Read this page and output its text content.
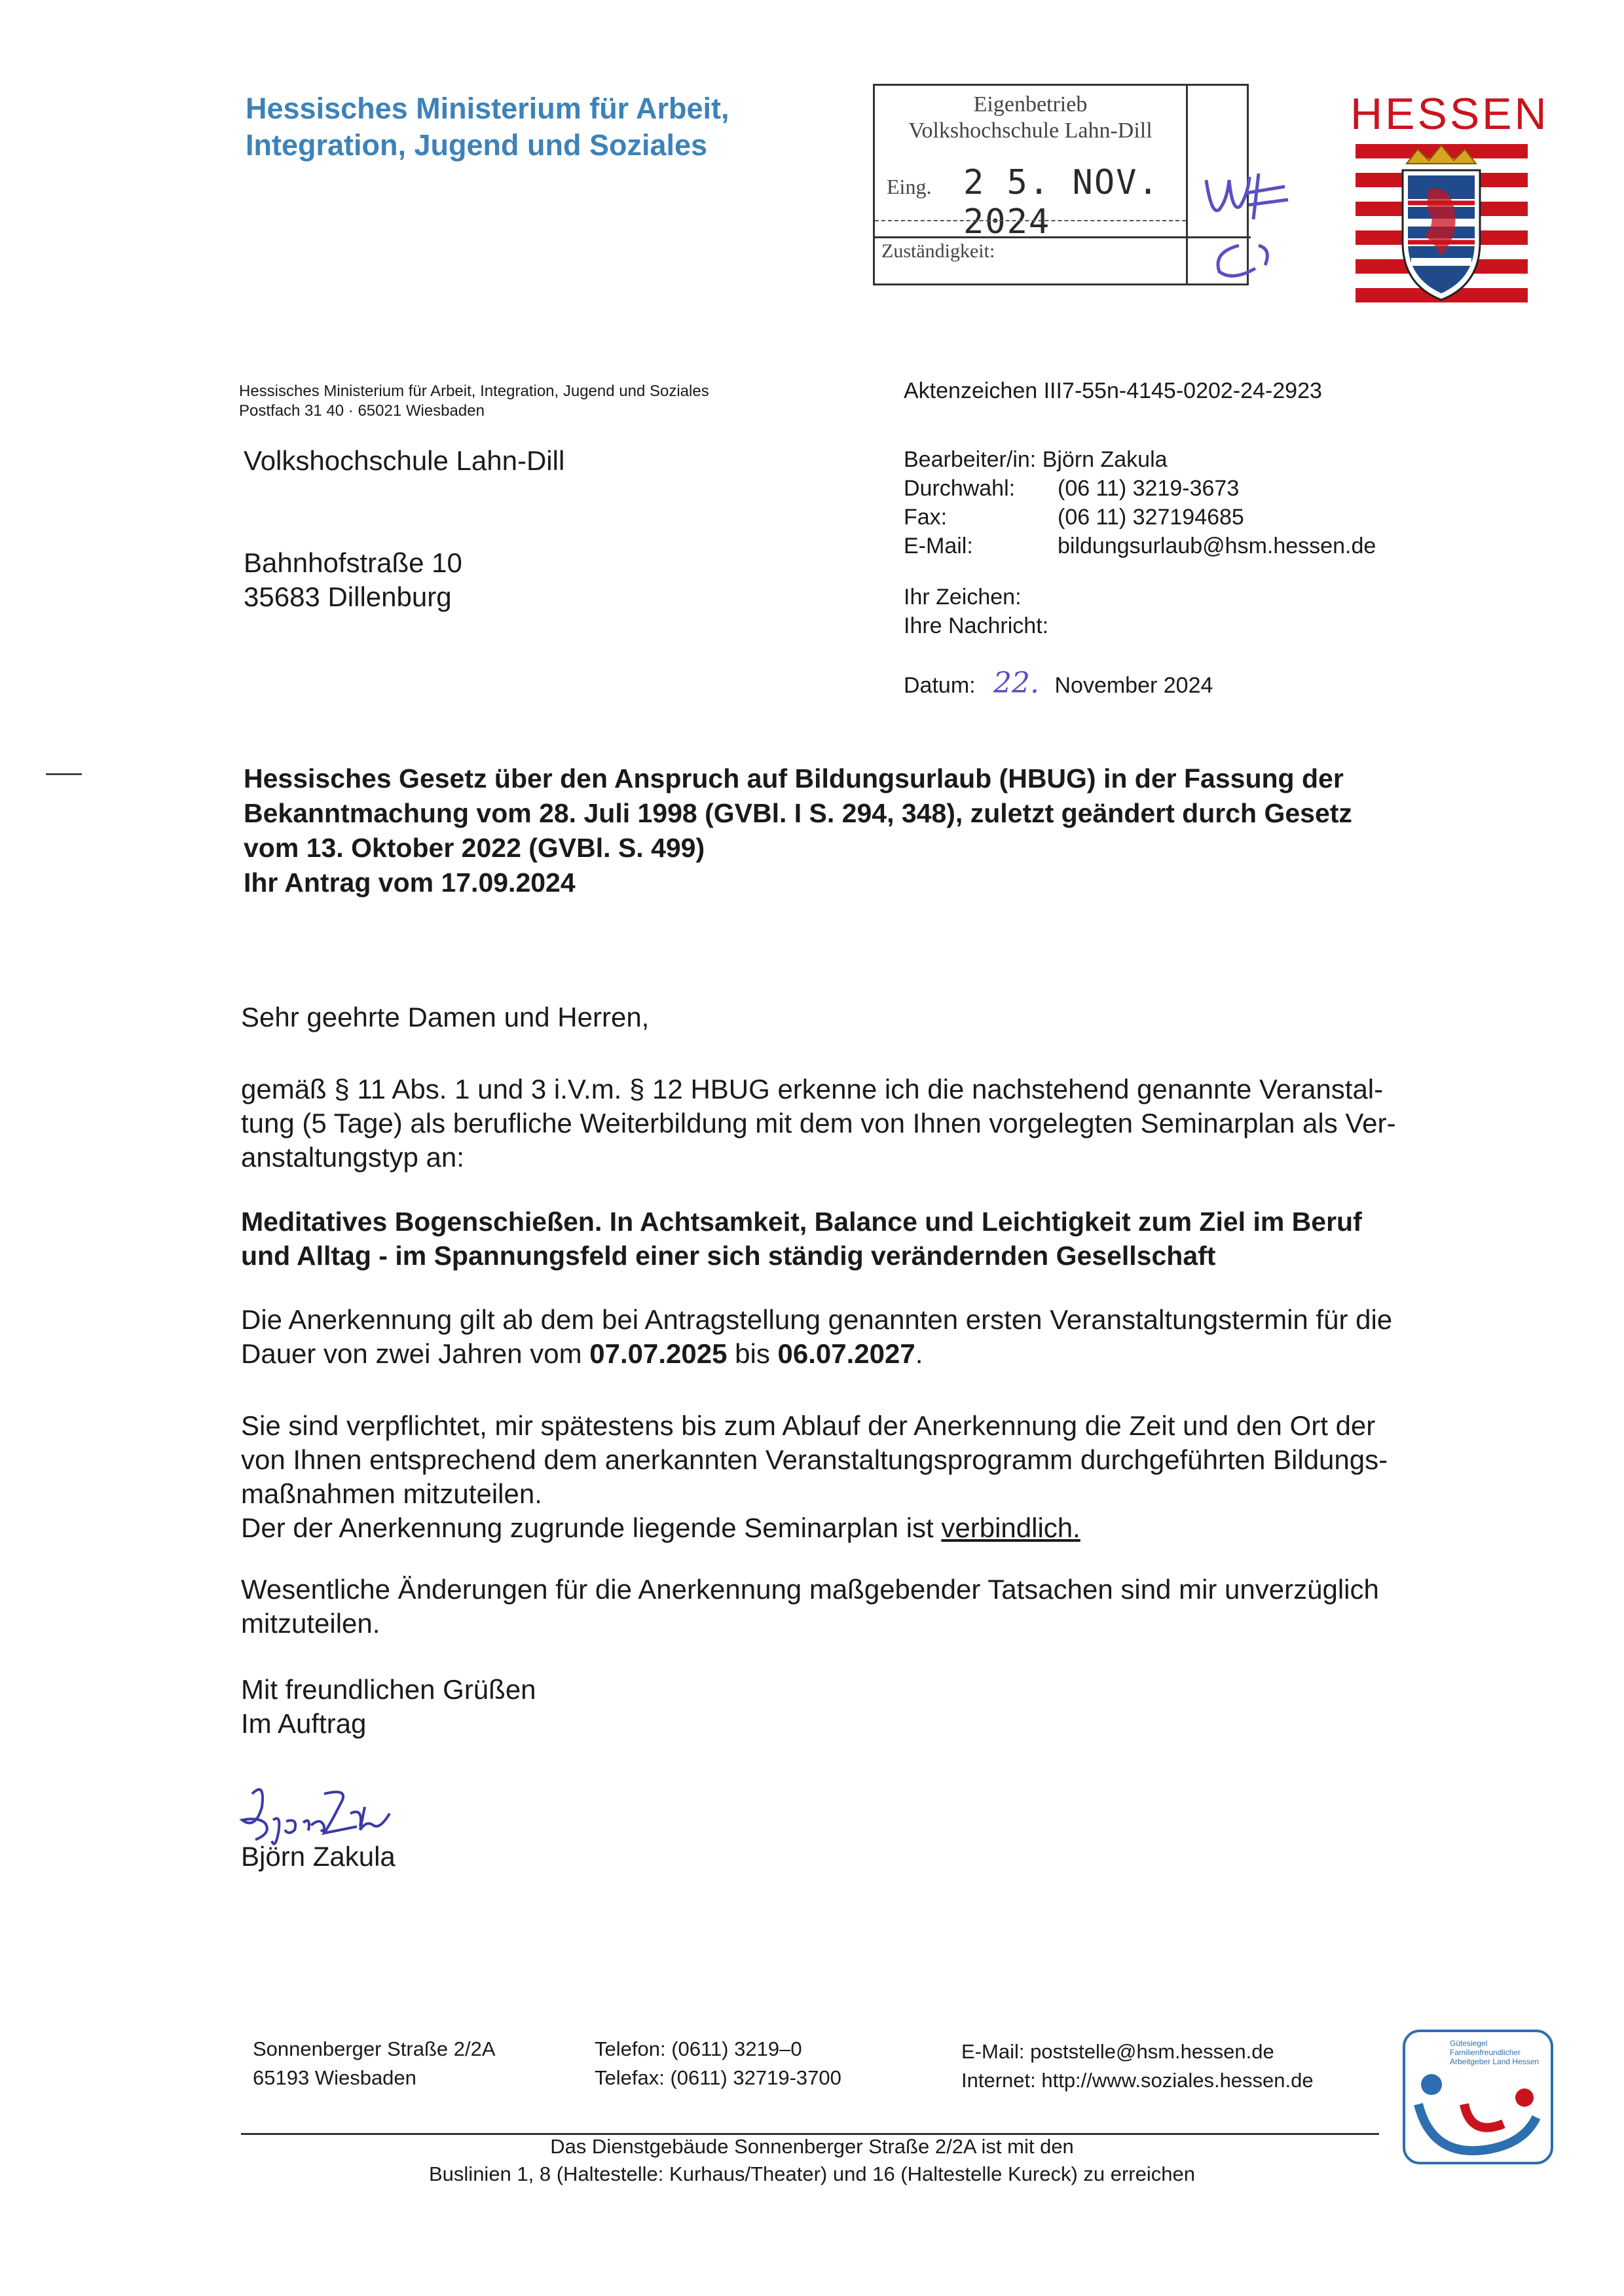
Hessisches Ministerium für Arbeit,
Integration, Jugend und Soziales
Eigenbetrieb
Volkshochschule Lahn-Dill
Eing. 2 5. NOV. 2024
Zuständigkeit:
HESSEN
Hessisches Ministerium für Arbeit, Integration, Jugend und Soziales
Postfach 31 40 · 65021 Wiesbaden
Volkshochschule Lahn-Dill
Bahnhofstraße 10
35683 Dillenburg
Aktenzeichen III7-55n-4145-0202-24-2923
Bearbeiter/in: Björn Zakula
Durchwahl: (06 11) 3219-3673
Fax:	(06 11) 327194685
E-Mail:	bildungsurlaub@hsm.hessen.de
Ihr Zeichen:
Ihre Nachricht:
Datum: 22. November 2024
Hessisches Gesetz über den Anspruch auf Bildungsurlaub (HBUG) in der Fassung der
Bekanntmachung vom 28. Juli 1998 (GVBl. I S. 294, 348), zuletzt geändert durch Gesetz
vom 13. Oktober 2022 (GVBl. S. 499)
Ihr Antrag vom 17.09.2024
Sehr geehrte Damen und Herren,
gemäß § 11 Abs. 1 und 3 i.V.m. § 12 HBUG erkenne ich die nachstehend genannte Veranstal-
tung (5 Tage) als berufliche Weiterbildung mit dem von Ihnen vorgelegten Seminarplan als Ver-
anstaltungstyp an:
Meditatives Bogenschießen. In Achtsamkeit, Balance und Leichtigkeit zum Ziel im Beruf
und Alltag - im Spannungsfeld einer sich ständig verändernden Gesellschaft
Die Anerkennung gilt ab dem bei Antragstellung genannten ersten Veranstaltungstermin für die
Dauer von zwei Jahren vom 07.07.2025 bis 06.07.2027.
Sie sind verpflichtet, mir spätestens bis zum Ablauf der Anerkennung die Zeit und den Ort der
von Ihnen entsprechend dem anerkannten Veranstaltungsprogramm durchgeführten Bildungs-
maßnahmen mitzuteilen.
Der der Anerkennung zugrunde liegende Seminarplan ist verbindlich.
Wesentliche Änderungen für die Anerkennung maßgebender Tatsachen sind mir unverzüglich
mitzuteilen.
Mit freundlichen Grüßen
Im Auftrag
Björn Zakula
Sonnenberger Straße 2/2A
65193 Wiesbaden
Telefon: (0611) 3219–0
Telefax: (0611) 32719-3700
E-Mail: poststelle@hsm.hessen.de
Internet: http://www.soziales.hessen.de
Das Dienstgebäude Sonnenberger Straße 2/2A ist mit den
Buslinien 1, 8 (Haltestelle: Kurhaus/Theater) und 16 (Haltestelle Kureck) zu erreichen
Gütesiegel Familienfreundlicher Arbeitgeber Land Hessen
